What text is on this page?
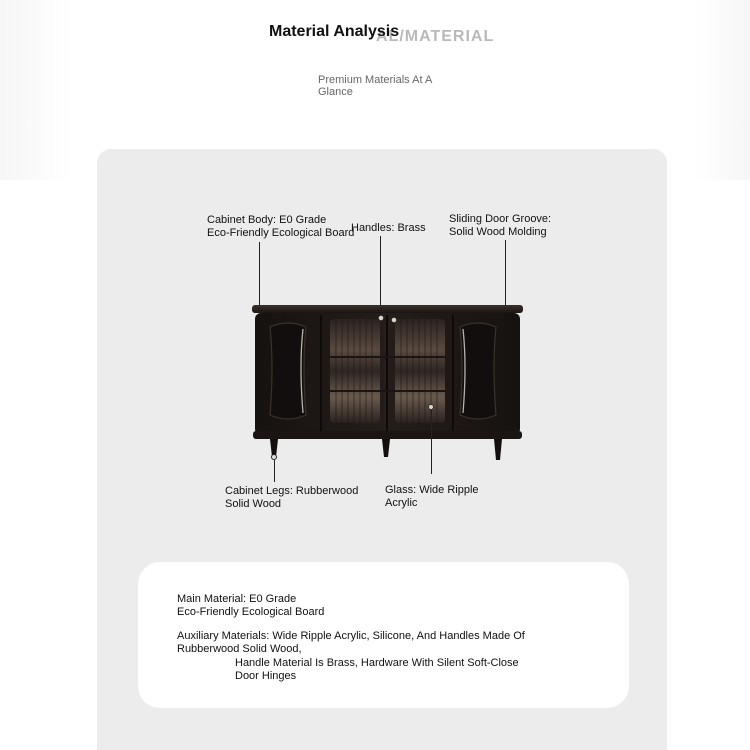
AL/MATERIAL
Material Analysis
Premium Materials At A
Glance
Cabinet Body: E0 Grade
Eco-Friendly Ecological Board
Handles: Brass
Sliding Door Groove:
Solid Wood Molding
Cabinet Legs: Rubberwood
Solid Wood
Glass: Wide Ripple
Acrylic
Main Material: E0 Grade
Eco-Friendly Ecological Board
Auxiliary Materials: Wide Ripple Acrylic, Silicone, And Handles Made Of
Rubberwood Solid Wood,
Handle Material Is Brass, Hardware With Silent Soft-Close
Door Hinges
